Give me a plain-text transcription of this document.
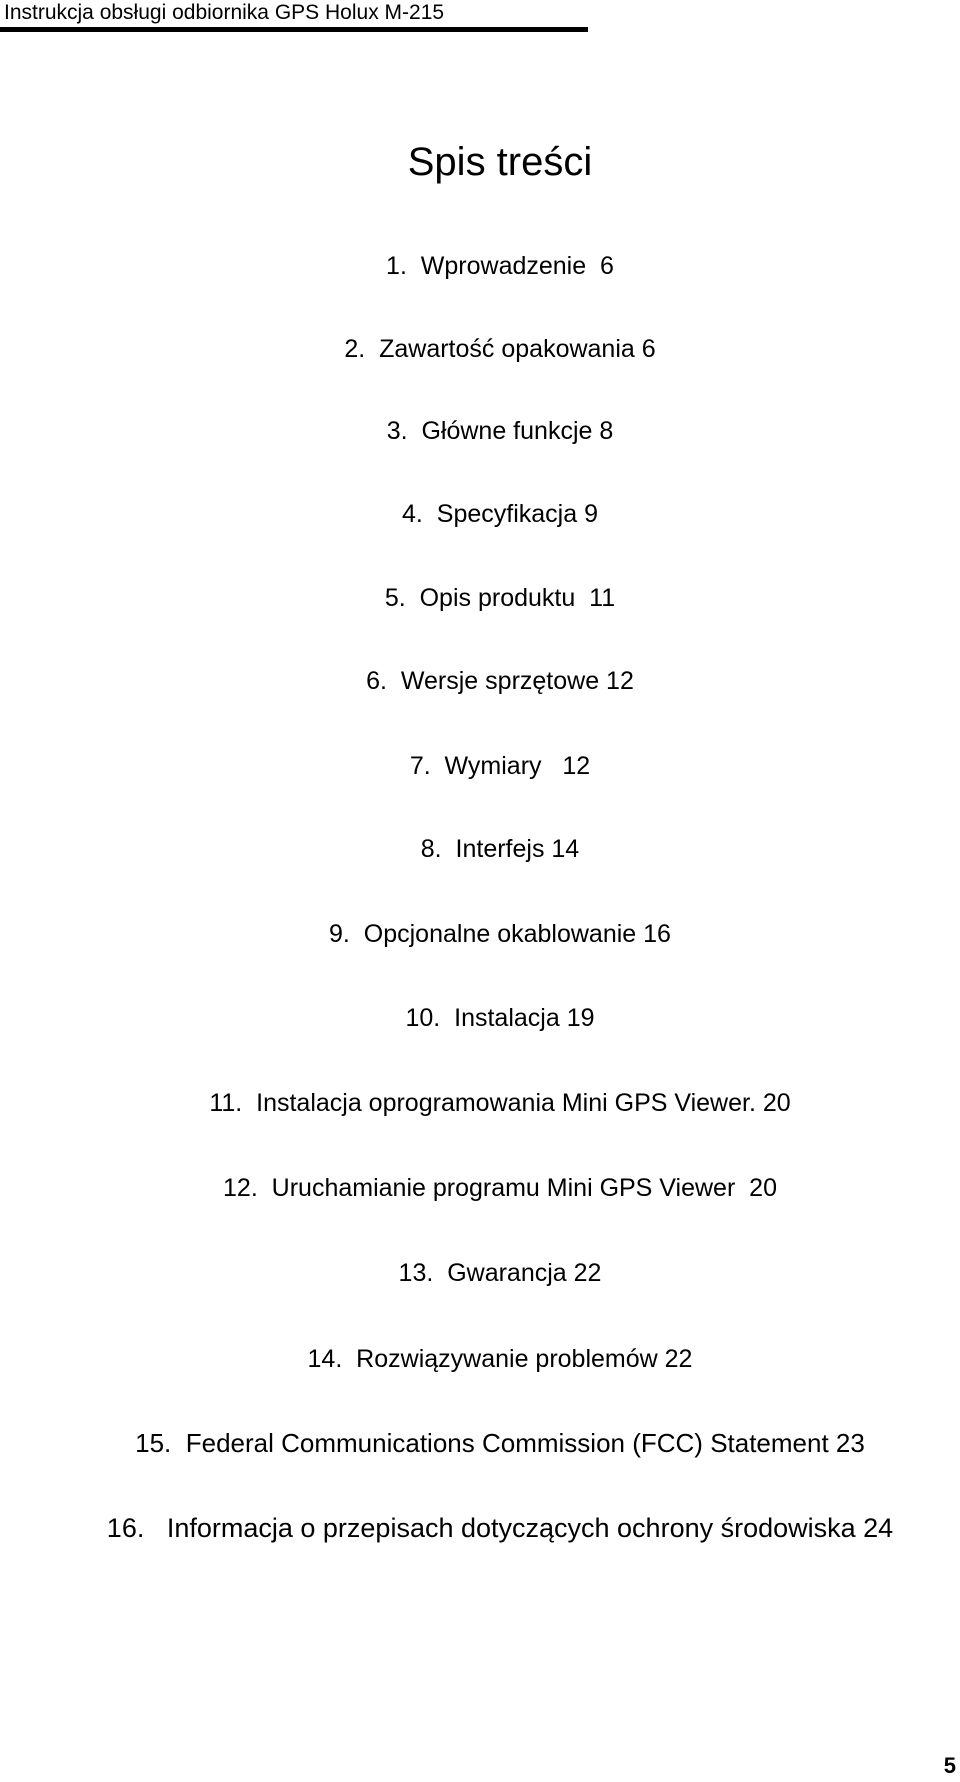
Instrukcja obsługi odbiornika GPS Holux M-215
Spis treści
1.  Wprowadzenie  6
2.  Zawartość opakowania 6
3.  Główne funkcje 8
4.  Specyfikacja 9
5.  Opis produktu  11
6.  Wersje sprzętowe 12
7.  Wymiary   12
8.  Interfejs 14
9.  Opcjonalne okablowanie 16
10.  Instalacja 19
11.  Instalacja oprogramowania Mini GPS Viewer. 20
12.  Uruchamianie programu Mini GPS Viewer  20
13.  Gwarancja 22
14.  Rozwiązywanie problemów 22
15.  Federal Communications Commission (FCC) Statement 23
16.   Informacja o przepisach dotyczących ochrony środowiska 24
5
